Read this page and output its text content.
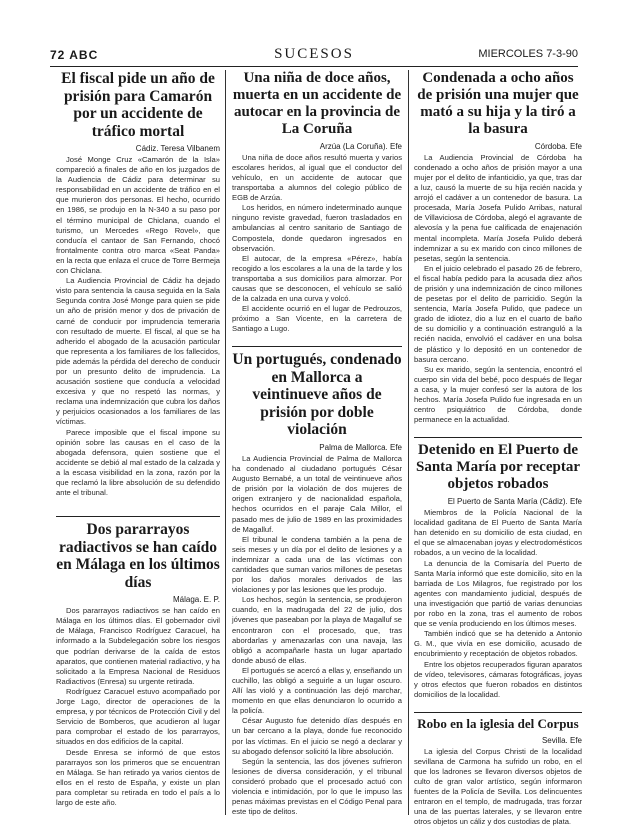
72 ABC	SUCESOS	MIERCOLES 7-3-90
El fiscal pide un año de prisión para Camarón por un accidente de tráfico mortal
Cádiz. Teresa Vilbanem

José Monge Cruz «Camarón de la Isla» compareció a finales de año en los juzgados de la Audiencia de Cádiz para determinar su responsabilidad en un accidente de tráfico en el que murieron dos personas. El hecho, ocurrido en 1986, se produjo en la N-340 a su paso por el término municipal de Chiclana, cuando el turismo, un Mercedes «Rego Rovel», que conducía el cantaor de San Fernando, chocó frontalmente contra otro marca «Seat Panda» en la recta que enlaza el cruce de Torre Bermeja con Chiclana.

La Audiencia Provincial de Cádiz ha dejado visto para sentencia la causa seguida en la Sala Segunda contra José Monge para quien se pide un año de prisión menor y dos de privación de carné de conducir por imprudencia temeraria con resultado de muerte. El fiscal, al que se ha adherido el abogado de la acusación particular que representa a los familiares de los fallecidos, pide además la pérdida del derecho de conducir por un presunto delito de imprudencia. La acusación sostiene que conducía a velocidad excesiva y que no respetó las normas, y reclama una indemnización que cubra los daños y perjuicios ocasionados a los familiares de las víctimas.

Parece imposible que el fiscal impone su opinión sobre las causas en el caso de la abogada defensora, quien sostiene que el accidente se debió al mal estado de la calzada y a la escasa visibilidad en la zona, razón por la que reclamó la libre absolución de su defendido ante el tribunal.

Dos pararrayos radiactivos se han caído en Málaga en los últimos días
Málaga. E. P.

Dos pararrayos radiactivos se han caído en Málaga en los últimos días. El gobernador civil de Málaga, Francisco Rodríguez Caracuel, ha informado a la Subdelegación sobre los riesgos que podrían derivarse de la caída de estos aparatos, que contienen material radiactivo, y ha solicitado a la Empresa Nacional de Residuos Radiactivos (Enresa) su urgente retirada.

Rodríguez Caracuel estuvo acompañado por Jorge Lago, director de operaciones de la empresa, y por técnicos de Protección Civil y del Servicio de Bomberos, que acudieron al lugar para comprobar el estado de los pararrayos, situados en dos edificios de la capital.

Desde Enresa se informó de que estos pararrayos son los primeros que se encuentran en Málaga. Se han retirado ya varios cientos de ellos en el resto de España, y existe un plan para completar su retirada en todo el país a lo largo de este año.

Una niña de doce años, muerta en un accidente de autocar en la provincia de La Coruña
Arzúa (La Coruña). Efe

Una niña de doce años resultó muerta y varios escolares heridos, al igual que el conductor del vehículo, en un accidente de autocar que transportaba a alumnos del colegio público de EGB de Arzúa.

Los heridos, en número indeterminado aunque ninguno reviste gravedad, fueron trasladados en ambulancias al centro sanitario de Santiago de Compostela, donde quedaron ingresados en observación.

El autocar, de la empresa «Pérez», había recogido a los escolares a la una de la tarde y los transportaba a sus domicilios para almorzar. Por causas que se desconocen, el vehículo se salió de la calzada en una curva y volcó.

El accidente ocurrió en el lugar de Pedrouzos, próximo a San Vicente, en la carretera de Santiago a Lugo.

Un portugués, condenado en Mallorca a veintinueve años de prisión por doble violación
Palma de Mallorca. Efe

La Audiencia Provincial de Palma de Mallorca ha condenado al ciudadano portugués César Augusto Bernabé, a un total de veintinueve años de prisión por la violación de dos mujeres de origen extranjero y de nacionalidad española, hechos ocurridos en el paraje Cala Millor, el pasado mes de julio de 1989 en las proximidades de Magalluf.

El tribunal le condena también a la pena de seis meses y un día por el delito de lesiones y a indemnizar a cada una de las víctimas con cantidades que suman varios millones de pesetas por los daños morales derivados de las violaciones y por las lesiones que les produjo.

Los hechos, según la sentencia, se produjeron cuando, en la madrugada del 22 de julio, dos jóvenes que paseaban por la playa de Magalluf se encontraron con el procesado, que, tras abordarlas y amenazarlas con una navaja, las obligó a acompañarle hasta un lugar apartado donde abusó de ellas.

El portugués se acercó a ellas y, enseñando un cuchillo, las obligó a seguirle a un lugar oscuro. Allí las violó y a continuación las dejó marchar, momento en que ellas denunciaron lo ocurrido a la policía.

César Augusto fue detenido días después en un bar cercano a la playa, donde fue reconocido por las víctimas. En el juicio se negó a declarar y su abogado defensor solicitó la libre absolución.

Según la sentencia, las dos jóvenes sufrieron lesiones de diversa consideración, y el tribunal consideró probado que el procesado actuó con violencia e intimidación, por lo que le impuso las penas máximas previstas en el Código Penal para este tipo de delitos.

Condenada a ocho años de prisión una mujer que mató a su hija y la tiró a la basura
Córdoba. Efe

La Audiencia Provincial de Córdoba ha condenado a ocho años de prisión mayor a una mujer por el delito de infanticidio, ya que, tras dar a luz, causó la muerte de su hija recién nacida y arrojó el cadáver a un contenedor de basura. La procesada, María Josefa Pulido Arribas, natural de Villaviciosa de Córdoba, alegó el agravante de alevosía y la pena fue calificada de enajenación mental incompleta. María Josefa Pulido deberá indemnizar a su ex marido con cinco millones de pesetas, según la sentencia.

En el juicio celebrado el pasado 26 de febrero, el fiscal había pedido para la acusada diez años de prisión y una indemnización de cinco millones de pesetas por el delito de parricidio. Según la sentencia, María Josefa Pulido, que padece un grado de idiotez, dio a luz en el cuarto de baño de su domicilio y a continuación estranguló a la recién nacida, envolvió el cadáver en una bolsa de plástico y lo depositó en un contenedor de basura cercano.

Su ex marido, según la sentencia, encontró el cuerpo sin vida del bebé, poco después de llegar a casa, y la mujer confesó ser la autora de los hechos. María Josefa Pulido fue ingresada en un centro psiquiátrico de Córdoba, donde permanece en la actualidad.

Detenido en El Puerto de Santa María por receptar objetos robados
El Puerto de Santa María (Cádiz). Efe

Miembros de la Policía Nacional de la localidad gaditana de El Puerto de Santa María han detenido en su domicilio de esta ciudad, en el que se almacenaban joyas y electrodomésticos robados, a un vecino de la localidad.

La denuncia de la Comisaría del Puerto de Santa María informó que este domicilio, sito en la barriada de Los Milagros, fue registrado por los agentes con mandamiento judicial, después de una investigación que partió de varias denuncias por robo en la zona, tras el aumento de robos que se venía produciendo en los últimos meses.

También indicó que se ha detenido a Antonio G. M., que vivía en ese domicilio, acusado de encubrimiento y receptación de objetos robados.

Entre los objetos recuperados figuran aparatos de vídeo, televisores, cámaras fotográficas, joyas y otros efectos que fueron robados en distintos domicilios de la localidad.

Robo en la iglesia del Corpus
Sevilla. Efe

La iglesia del Corpus Christi de la localidad sevillana de Carmona ha sufrido un robo, en el que los ladrones se llevaron diversos objetos de culto de gran valor artístico, según informaron fuentes de la Policía de Sevilla. Los delincuentes entraron en el templo, de madrugada, tras forzar una de las puertas laterales, y se llevaron entre otros objetos un cáliz y dos custodias de plata.
